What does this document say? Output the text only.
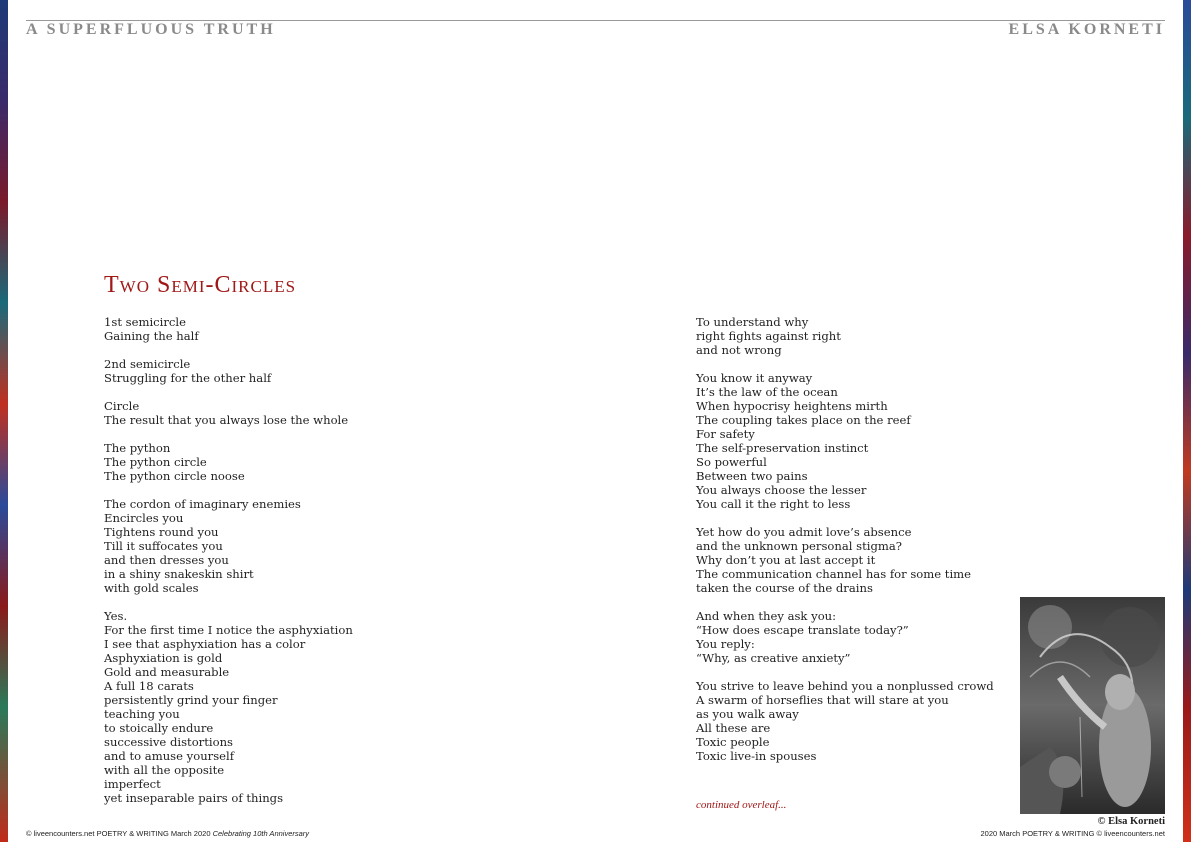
A SUPERFLUOUS TRUTH	ELSA KORNETI
Two Semi-Circles
1st semicircle
Gaining the half
2nd semicircle
Struggling for the other half
Circle
The result that you always lose the whole
The python
The python circle
The python circle noose
The cordon of imaginary enemies
Encircles you
Tightens round you
Till it suffocates you
and then dresses you
in a shiny snakeskin shirt
with gold scales
Yes.
For the first time I notice the asphyxiation
I see that asphyxiation has a color
Asphyxiation is gold
Gold and measurable
A full 18 carats
persistently grind your finger
teaching you
to stoically endure
successive distortions
and to amuse yourself
with all the opposite
imperfect
yet inseparable pairs of things
To understand why
right fights against right
and not wrong
You know it anyway
It’s the law of the ocean
When hypocrisy heightens mirth
The coupling takes place on the reef
For safety
The self-preservation instinct
So powerful
Between two pains
You always choose the lesser
You call it the right to less
Yet how do you admit love’s absence
and the unknown personal stigma?
Why don’t you at last accept it
The communication channel has for some time
taken the course of the drains
And when they ask you:
“How does escape translate today?”
You reply:
“Why, as creative anxiety”
You strive to leave behind you a nonplussed crowd
A swarm of horseflies that will stare at you
as you walk away
All these are
Toxic people
Toxic live-in spouses
continued overleaf...
© Elsa Korneti
© liveencounters.net POETRY & WRITING March 2020 Celebrating 10th Anniversary	2020 March POETRY & WRITING © liveencounters.net
